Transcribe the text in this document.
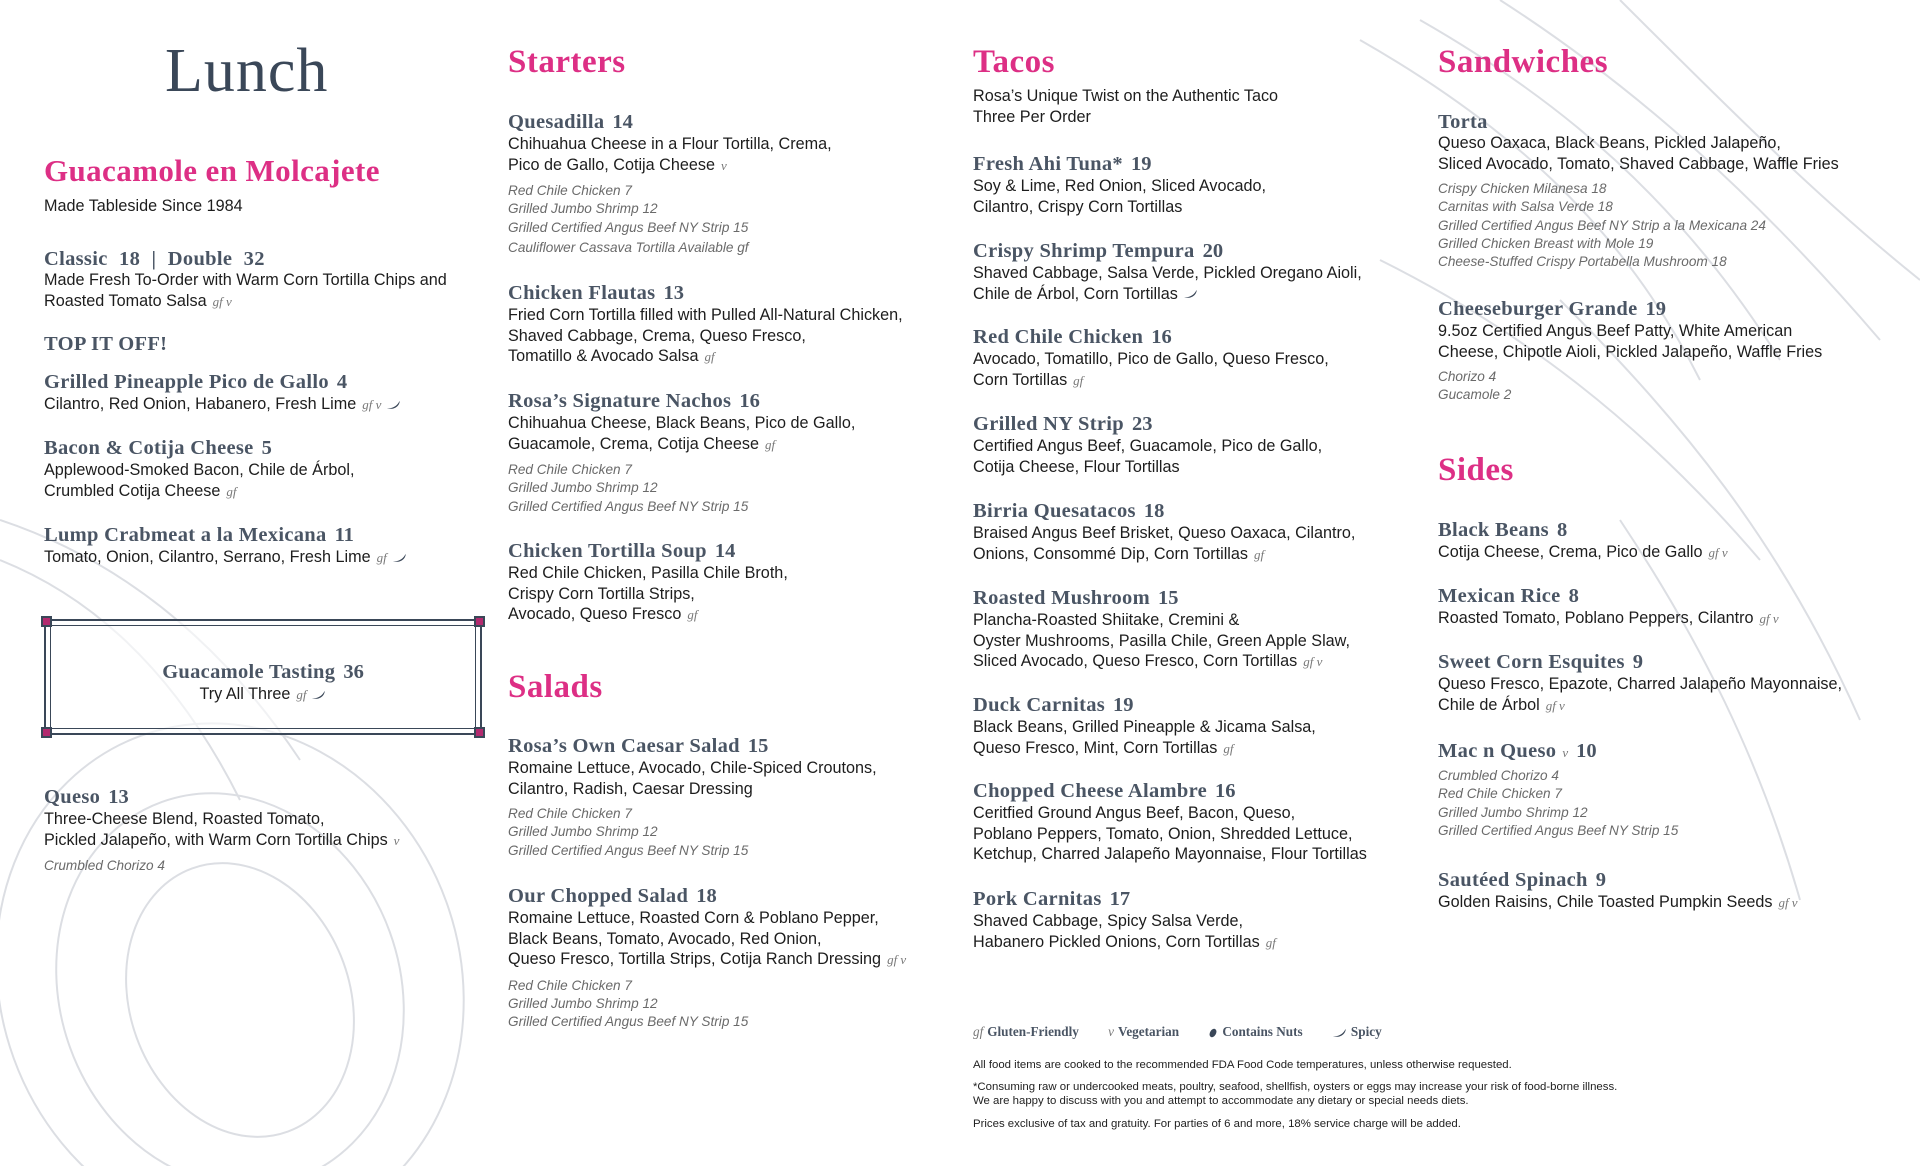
Lunch
Guacamole en Molcajete
Made Tableside Since 1984
Classic 18 | Double 32
Made Fresh To-Order with Warm Corn Tortilla Chips and
Roasted Tomato Salsa gf v
TOP IT OFF!
Grilled Pineapple Pico de Gallo 4
Cilantro, Red Onion, Habanero, Fresh Lime gf v
Bacon & Cotija Cheese 5
Applewood-Smoked Bacon, Chile de Árbol,
Crumbled Cotija Cheese gf
Lump Crabmeat a la Mexicana 11
Tomato, Onion, Cilantro, Serrano, Fresh Lime gf
Guacamole Tasting 36
Try All Three gf
Queso 13
Three-Cheese Blend, Roasted Tomato,
Pickled Jalapeño, with Warm Corn Tortilla Chips v
Crumbled Chorizo 4
Starters
Quesadilla 14
Chihuahua Cheese in a Flour Tortilla, Crema,
Pico de Gallo, Cotija Cheese v
Red Chile Chicken 7
Grilled Jumbo Shrimp 12
Grilled Certified Angus Beef NY Strip 15
Cauliflower Cassava Tortilla Available gf
Chicken Flautas 13
Fried Corn Tortilla filled with Pulled All-Natural Chicken,
Shaved Cabbage, Crema, Queso Fresco,
Tomatillo & Avocado Salsa gf
Rosa’s Signature Nachos 16
Chihuahua Cheese, Black Beans, Pico de Gallo,
Guacamole, Crema, Cotija Cheese gf
Red Chile Chicken 7
Grilled Jumbo Shrimp 12
Grilled Certified Angus Beef NY Strip 15
Chicken Tortilla Soup 14
Red Chile Chicken, Pasilla Chile Broth,
Crispy Corn Tortilla Strips,
Avocado, Queso Fresco gf
Salads
Rosa’s Own Caesar Salad 15
Romaine Lettuce, Avocado, Chile-Spiced Croutons,
Cilantro, Radish, Caesar Dressing
Red Chile Chicken 7
Grilled Jumbo Shrimp 12
Grilled Certified Angus Beef NY Strip 15
Our Chopped Salad 18
Romaine Lettuce, Roasted Corn & Poblano Pepper,
Black Beans, Tomato, Avocado, Red Onion,
Queso Fresco, Tortilla Strips, Cotija Ranch Dressing gf v
Red Chile Chicken 7
Grilled Jumbo Shrimp 12
Grilled Certified Angus Beef NY Strip 15
Tacos
Rosa’s Unique Twist on the Authentic Taco
Three Per Order
Fresh Ahi Tuna* 19
Soy & Lime, Red Onion, Sliced Avocado,
Cilantro, Crispy Corn Tortillas
Crispy Shrimp Tempura 20
Shaved Cabbage, Salsa Verde, Pickled Oregano Aioli,
Chile de Árbol, Corn Tortillas
Red Chile Chicken 16
Avocado, Tomatillo, Pico de Gallo, Queso Fresco,
Corn Tortillas gf
Grilled NY Strip 23
Certified Angus Beef, Guacamole, Pico de Gallo,
Cotija Cheese, Flour Tortillas
Birria Quesatacos 18
Braised Angus Beef Brisket, Queso Oaxaca, Cilantro,
Onions, Consommé Dip, Corn Tortillas gf
Roasted Mushroom 15
Plancha-Roasted Shiitake, Cremini &
Oyster Mushrooms, Pasilla Chile, Green Apple Slaw,
Sliced Avocado, Queso Fresco, Corn Tortillas gf v
Duck Carnitas 19
Black Beans, Grilled Pineapple & Jicama Salsa,
Queso Fresco, Mint, Corn Tortillas gf
Chopped Cheese Alambre 16
Ceritfied Ground Angus Beef, Bacon, Queso,
Poblano Peppers, Tomato, Onion, Shredded Lettuce,
Ketchup, Charred Jalapeño Mayonnaise, Flour Tortillas
Pork Carnitas 17
Shaved Cabbage, Spicy Salsa Verde,
Habanero Pickled Onions, Corn Tortillas gf
Sandwiches
Torta
Queso Oaxaca, Black Beans, Pickled Jalapeño,
Sliced Avocado, Tomato, Shaved Cabbage, Waffle Fries
Crispy Chicken Milanesa 18
Carnitas with Salsa Verde 18
Grilled Certified Angus Beef NY Strip a la Mexicana 24
Grilled Chicken Breast with Mole 19
Cheese-Stuffed Crispy Portabella Mushroom 18
Cheeseburger Grande 19
9.5oz Certified Angus Beef Patty, White American
Cheese, Chipotle Aioli, Pickled Jalapeño, Waffle Fries
Chorizo 4
Gucamole 2
Sides
Black Beans 8
Cotija Cheese, Crema, Pico de Gallo gf v
Mexican Rice 8
Roasted Tomato, Poblano Peppers, Cilantro gf v
Sweet Corn Esquites 9
Queso Fresco, Epazote, Charred Jalapeño Mayonnaise,
Chile de Árbol gf v
Mac n Queso v 10
Crumbled Chorizo 4
Red Chile Chicken 7
Grilled Jumbo Shrimp 12
Grilled Certified Angus Beef NY Strip 15
Sautéed Spinach 9
Golden Raisins, Chile Toasted Pumpkin Seeds gf v
gf Gluten-Friendly v Vegetarian	Contains Nuts	Spicy
All food items are cooked to the recommended FDA Food Code temperatures, unless otherwise requested.
*Consuming raw or undercooked meats, poultry, seafood, shellfish, oysters or eggs may increase your risk of food-borne illness.
We are happy to discuss with you and attempt to accommodate any dietary or special needs diets.
Prices exclusive of tax and gratuity. For parties of 6 and more, 18% service charge will be added.
